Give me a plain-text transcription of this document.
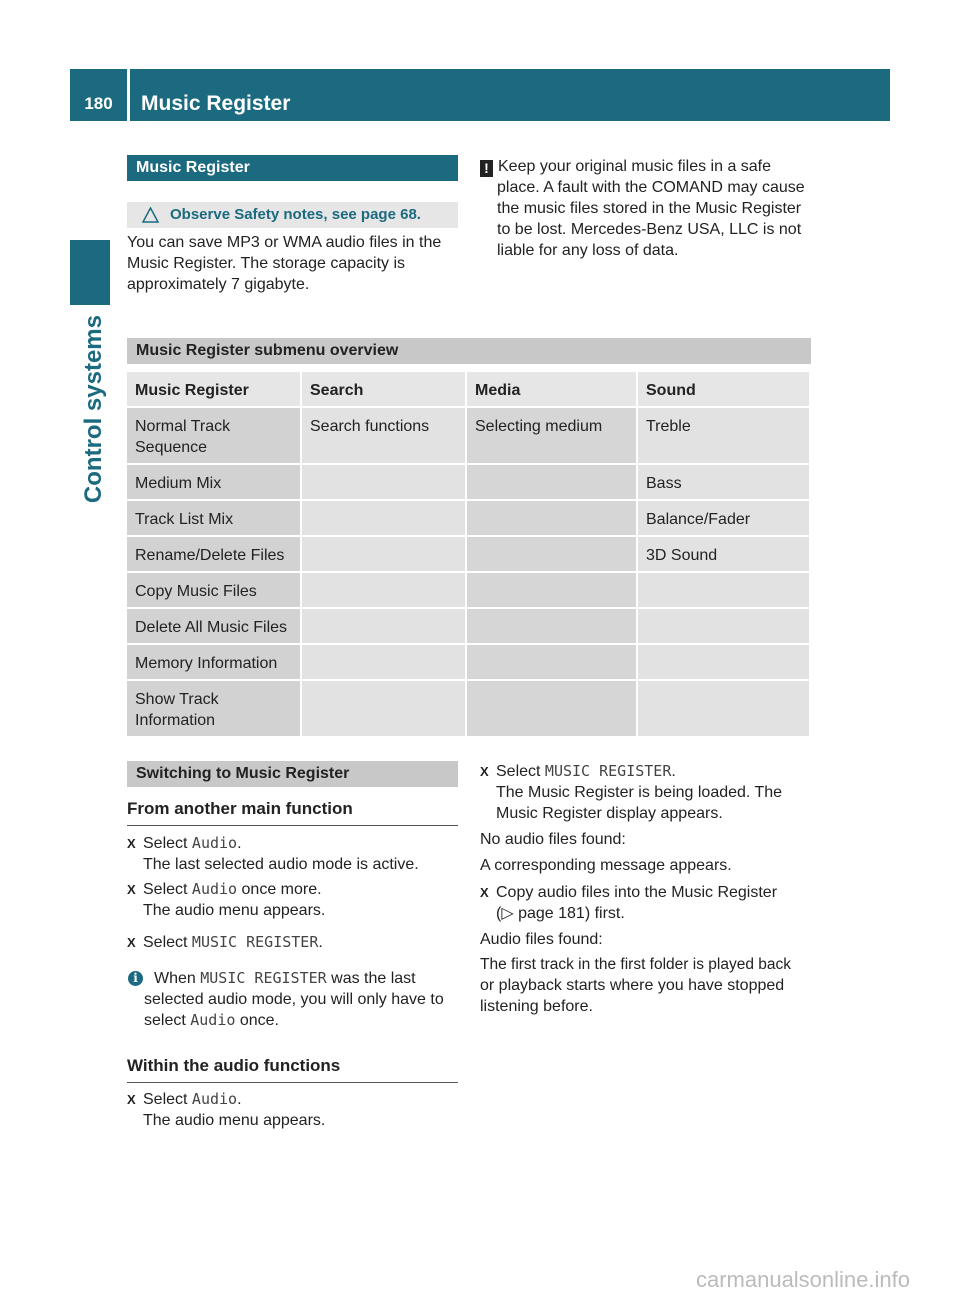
180	Music Register
Control systems
Music Register
Observe Safety notes, see page 68.
You can save MP3 or WMA audio files in the
Music Register. The storage capacity is
approximately 7 gigabyte.
! Keep your original music files in a safe
place. A fault with the COMAND may cause
the music files stored in the Music Register
to be lost. Mercedes-Benz USA, LLC is not
liable for any loss of data.
Music Register submenu overview
Music Register	Search	Media	Sound
Normal Track Sequence	Search functions	Selecting medium	Treble
Medium Mix			Bass
Track List Mix			Balance/Fader
Rename/Delete Files			3D Sound
Copy Music Files			
Delete All Music Files			
Memory Information			
Show Track Information			
Switching to Music Register
From another main function
X Select Audio.
The last selected audio mode is active.
X Select Audio once more.
The audio menu appears.
X Select MUSIC REGISTER.
i	When MUSIC REGISTER was the last
selected audio mode, you will only have to
select Audio once.
Within the audio functions
X Select Audio.
The audio menu appears.
X Select MUSIC REGISTER.
The Music Register is being loaded. The
Music Register display appears.
No audio files found:
A corresponding message appears.
X Copy audio files into the Music Register
(▷ page 181) first.
Audio files found:
The first track in the first folder is played back
or playback starts where you have stopped
listening before.
carmanualsonline.info
